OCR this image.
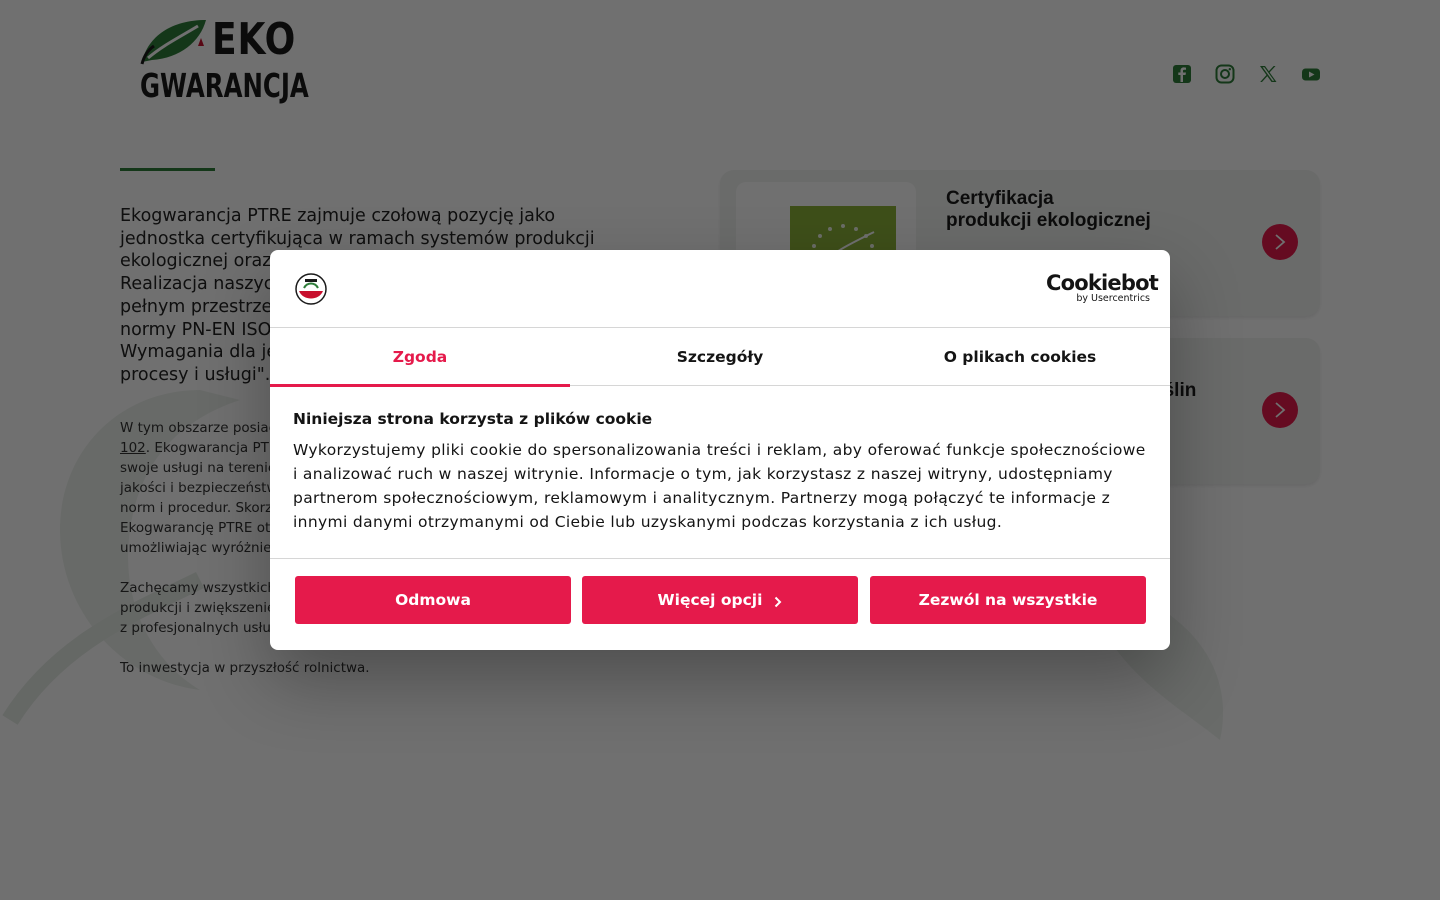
Cookiebot
by Usercentrics
Zgoda	Szczegóły	O plikach cookies
Niniejsza strona korzysta z plików cookie

Wykorzystujemy pliki cookie do spersonalizowania treści i reklam, aby oferować funkcje społecznościowe i analizować ruch w naszej witrynie. Informacje o tym, jak korzystasz z naszej witryny, udostępniamy partnerom społecznościowym, reklamowym i analitycznym. Partnerzy mogą połączyć te informacje z innymi danymi otrzymanymi od Ciebie lub uzyskanymi podczas korzystania z ich usług.

Odmowa	Więcej opcji	Zezwól na wszystkie
